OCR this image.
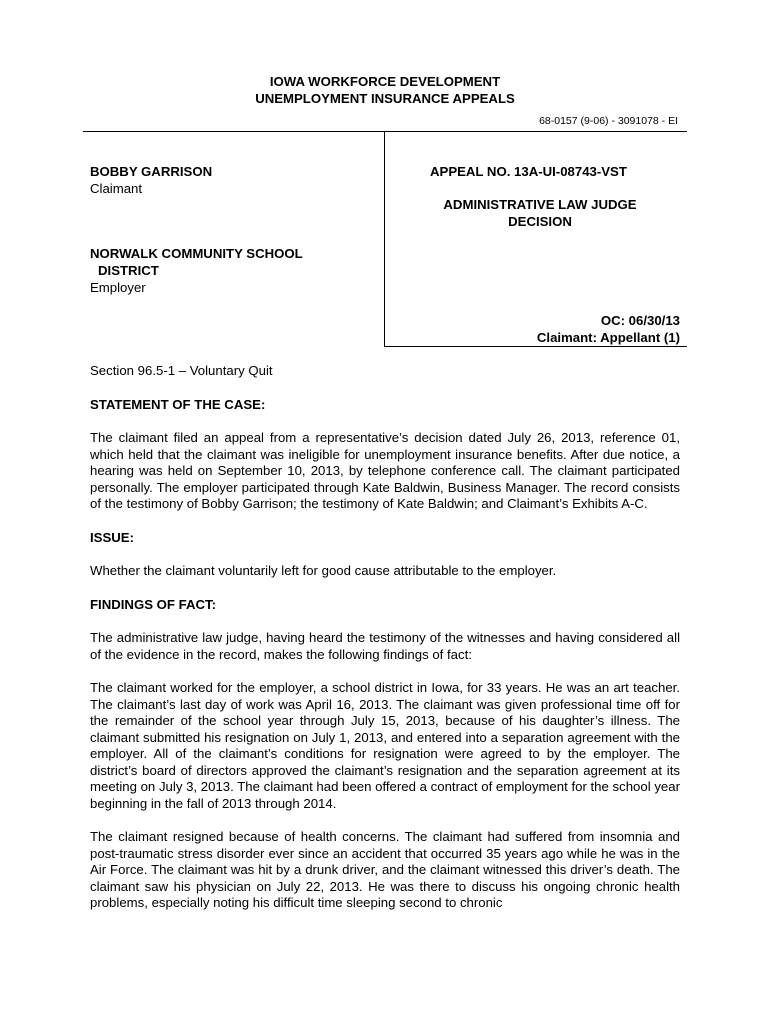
IOWA WORKFORCE DEVELOPMENT
UNEMPLOYMENT INSURANCE APPEALS
68-0157 (9-06) - 3091078 - EI
BOBBY GARRISON
Claimant
NORWALK COMMUNITY SCHOOL
DISTRICT
Employer
APPEAL NO. 13A-UI-08743-VST
ADMINISTRATIVE LAW JUDGE
DECISION
OC: 06/30/13
Claimant: Appellant (1)

Section 96.5-1 – Voluntary Quit

STATEMENT OF THE CASE:

The claimant filed an appeal from a representative’s decision dated July 26, 2013, reference 01, which held that the claimant was ineligible for unemployment insurance benefits. After due notice, a hearing was held on September 10, 2013, by telephone conference call. The claimant participated personally. The employer participated through Kate Baldwin, Business Manager. The record consists of the testimony of Bobby Garrison; the testimony of Kate Baldwin; and Claimant’s Exhibits A-C.

ISSUE:

Whether the claimant voluntarily left for good cause attributable to the employer.

FINDINGS OF FACT:

The administrative law judge, having heard the testimony of the witnesses and having considered all of the evidence in the record, makes the following findings of fact:

The claimant worked for the employer, a school district in Iowa, for 33 years. He was an art teacher. The claimant’s last day of work was April 16, 2013. The claimant was given professional time off for the remainder of the school year through July 15, 2013, because of his daughter’s illness. The claimant submitted his resignation on July 1, 2013, and entered into a separation agreement with the employer. All of the claimant’s conditions for resignation were agreed to by the employer. The district’s board of directors approved the claimant’s resignation and the separation agreement at its meeting on July 3, 2013. The claimant had been offered a contract of employment for the school year beginning in the fall of 2013 through 2014.

The claimant resigned because of health concerns. The claimant had suffered from insomnia and post-traumatic stress disorder ever since an accident that occurred 35 years ago while he was in the Air Force. The claimant was hit by a drunk driver, and the claimant witnessed this driver’s death. The claimant saw his physician on July 22, 2013. He was there to discuss his ongoing chronic health problems, especially noting his difficult time sleeping second to chronic
